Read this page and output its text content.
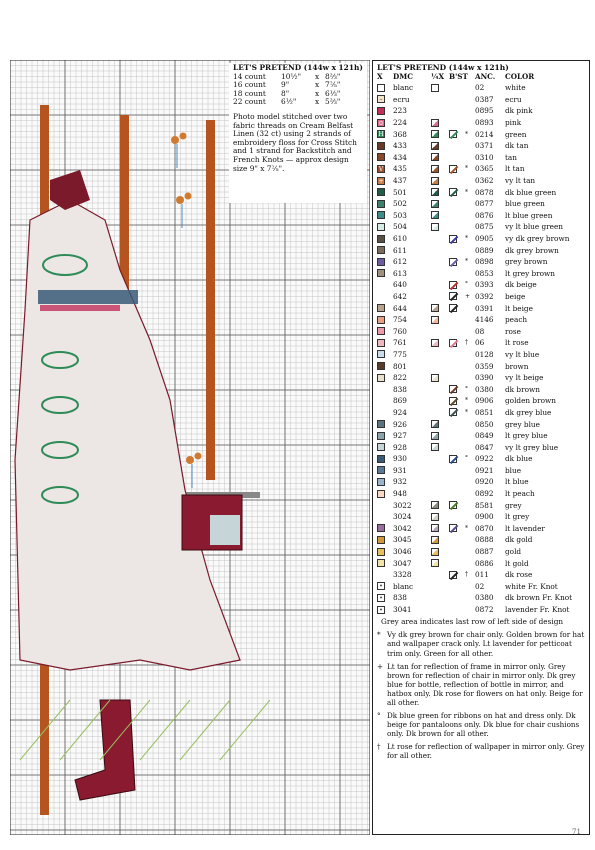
LET'S PRETEND (144w x 121h)
14 count	10½"	x 8⅔"
16 count	9"	x 7⅖"
18 count	8"	x 6⅓"
22 count	6½"	x 5⅔"
Photo model stitched over two fabric threads on Cream Belfast Linen (32 ct) using 2 strands of embroidery floss for Cross Stitch and 1 strand for Backstitch and French Knots — approx design size 9" x 7⅖".
LET'S PRETEND (144w x 121h)
X	DMC	¼X B'ST ANC.	COLOR
blanc	02	white
–	ecru	0387	ecru
223	0895	dk pink
⊙ 224	0893	pink
H 368	* 0214	green
433	0371	dk tan
434	0310	tan
V 435	* 0365	lt tan
+ 437	0362	vy lt tan
501	* 0878	dk blue green
502	0877	blue green
503	0876	lt blue green
504	0875	vy lt blue green
610	* 0905	vy dk grey brown
611	0889	dk grey brown
612	* 0898	grey brown
613	0853	lt grey brown
640	° 0393	dk beige
642	+ 0392	beige
644	0391	lt beige
754	4146	peach
760	08	rose
761	† 06	lt rose
775	0128	vy lt blue
801	0359	brown
822	0390	vy lt beige
838	° 0380	dk brown
869	* 0906	golden brown
924	* 0851	dk grey blue
926	0850	grey blue
927	0849	lt grey blue
928	0847	vy lt grey blue
930	° 0922	dk blue
931	0921	blue
932	0920	lt blue
948	0892	lt peach
3022	8581	grey
3024	0900	lt grey
3042	* 0870	lt lavender
3045	0888	dk gold
3046	0887	gold
3047	0886	lt gold
3328	† 011	dk rose
•	blanc	02	white Fr. Knot
•	838	0380	dk brown Fr. Knot
•	3041	0872	lavender Fr. Knot
Grey area indicates last row of left side of design
* Vy dk grey brown for chair only. Golden brown for hat and wallpaper crack only. Lt lavender for petticoat trim only. Green for all other.
+ Lt tan for reflection of frame in mirror only. Grey brown for reflection of chair in mirror only. Dk grey blue for bottle, reflection of bottle in mirror, and hatbox only. Dk rose for flowers on hat only. Beige for all other.
° Dk blue green for ribbons on hat and dress only. Dk beige for pantaloons only. Dk blue for chair cushions only. Dk brown for all other.
† Lt rose for reflection of wallpaper in mirror only. Grey for all other.
vagila • Бэйбики • babiki.ru
71
